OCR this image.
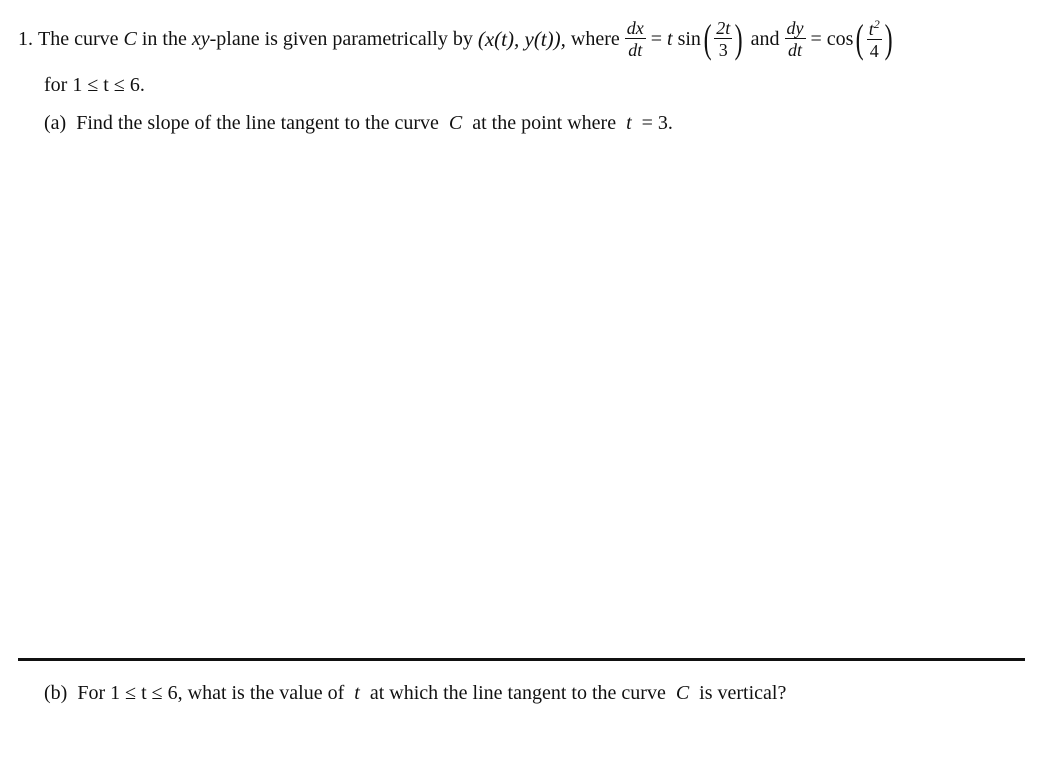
1.
The curve
C
in the
xy -plane is given parametrically by
(x(t), y(t)),
where
$\frac{dx}{dt}$
=
t
sin ( $\frac{2t}{3}$ )
and
$\frac{dy}{dt}$
=
cos ( $\frac{t^2}{4}$ )
for 1 ≤ t ≤ 6.
(a) Find the slope of the line tangent to the curve C at the point where t = 3.
(b) For 1 ≤ t ≤ 6, what is the value of t at which the line tangent to the curve C is vertical?
